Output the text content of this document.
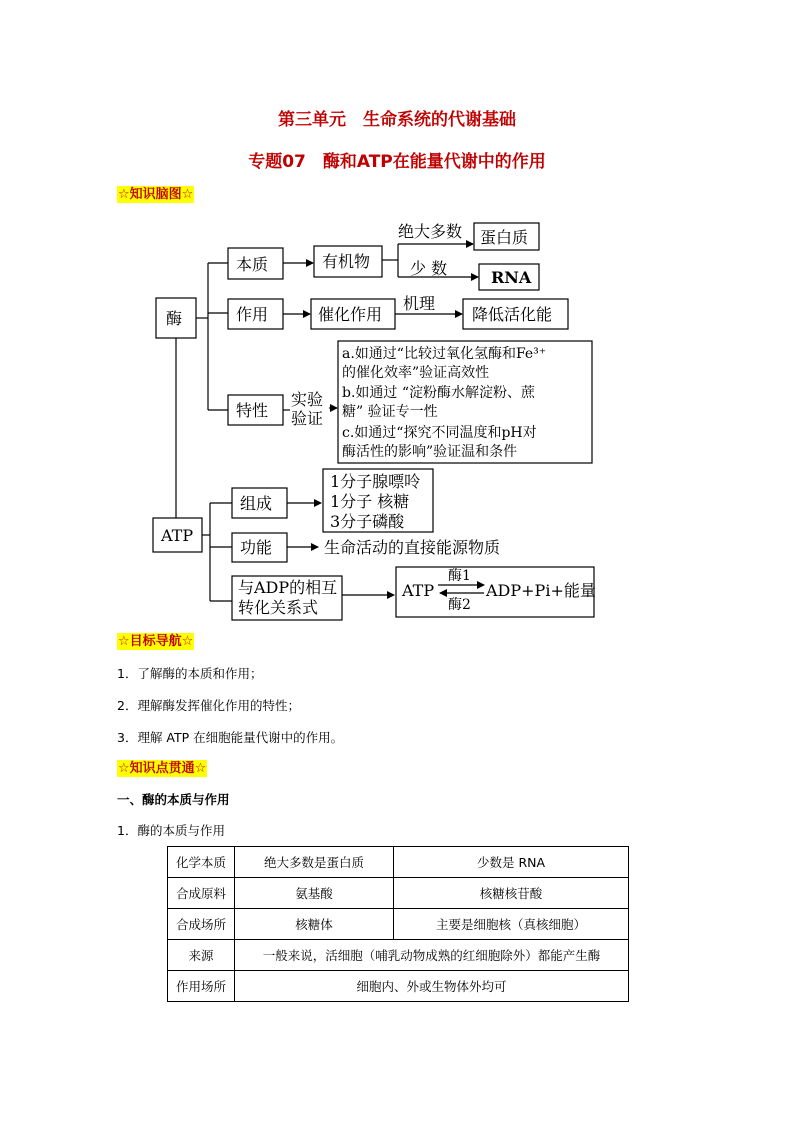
第三单元　生命系统的代谢基础
专题07　酶和ATP在能量代谢中的作用
☆知识脑图☆
酶
本质	有机物
绝大多数 蛋白质
少 数	RNA
作用	催化作用
机理
降低活化能
特性
实验
验证
a.如通过“比较过氧化氢酶和Fe³⁺
的催化效率”验证高效性
b.如通过 “淀粉酶水解淀粉、蔗
糖” 验证专一性
c.如通过“探究不同温度和pH对
酶活性的影响”验证温和条件
ATP
组成
1分子腺嘌呤
1分子 核糖
3分子磷酸
功能	生命活动的直接能源物质
与ADP的相互
转化关系式
ATP
酶1
酶2
ADP+Pi+能量
☆目标导航☆
1．了解酶的本质和作用；
2．理解酶发挥催化作用的特性；
3．理解 ATP 在细胞能量代谢中的作用。
☆知识点贯通☆
一、酶的本质与作用
1．酶的本质与作用
化学本质	绝大多数是蛋白质	少数是 RNA
合成原料	氨基酸	核糖核苷酸
合成场所	核糖体	主要是细胞核（真核细胞）
来源	一般来说，活细胞（哺乳动物成熟的红细胞除外）都能产生酶	
作用场所	细胞内、外或生物体外均可	
